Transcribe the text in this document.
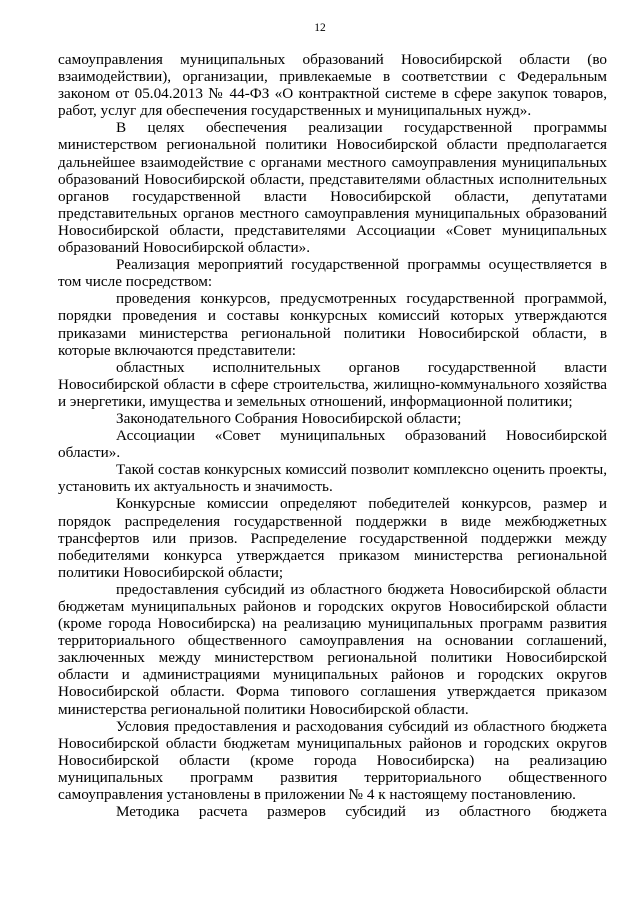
12

самоуправления муниципальных образований Новосибирской области (во взаимодействии), организации, привлекаемые в соответствии с Федеральным законом от 05.04.2013 № 44-ФЗ «О контрактной системе в сфере закупок товаров, работ, услуг для обеспечения государственных и муниципальных нужд».

В целях обеспечения реализации государственной программы министерством региональной политики Новосибирской области предполагается дальнейшее взаимодействие с органами местного самоуправления муниципальных образований Новосибирской области, представителями областных исполнительных органов государственной власти Новосибирской области, депутатами представительных органов местного самоуправления муниципальных образований Новосибирской области, представителями Ассоциации «Совет муниципальных образований Новосибирской области».

Реализация мероприятий государственной программы осуществляется в том числе посредством:

проведения конкурсов, предусмотренных государственной программой, порядки проведения и составы конкурсных комиссий которых утверждаются приказами министерства региональной политики Новосибирской области, в которые включаются представители:

областных исполнительных органов государственной власти Новосибирской области в сфере строительства, жилищно-коммунального хозяйства и энергетики, имущества и земельных отношений, информационной политики;

Законодательного Собрания Новосибирской области;

Ассоциации «Совет муниципальных образований Новосибирской области».

Такой состав конкурсных комиссий позволит комплексно оценить проекты, установить их актуальность и значимость.

Конкурсные комиссии определяют победителей конкурсов, размер и порядок распределения государственной поддержки в виде межбюджетных трансфертов или призов. Распределение государственной поддержки между победителями конкурса утверждается приказом министерства региональной политики Новосибирской области;

предоставления субсидий из областного бюджета Новосибирской области бюджетам муниципальных районов и городских округов Новосибирской области (кроме города Новосибирска) на реализацию муниципальных программ развития территориального общественного самоуправления на основании соглашений, заключенных между министерством региональной политики Новосибирской области и администрациями муниципальных районов и городских округов Новосибирской области. Форма типового соглашения утверждается приказом министерства региональной политики Новосибирской области.

Условия предоставления и расходования субсидий из областного бюджета Новосибирской области бюджетам муниципальных районов и городских округов Новосибирской области (кроме города Новосибирска) на реализацию муниципальных программ развития территориального общественного самоуправления установлены в приложении № 4 к настоящему постановлению.

Методика расчета размеров субсидий из областного бюджета
